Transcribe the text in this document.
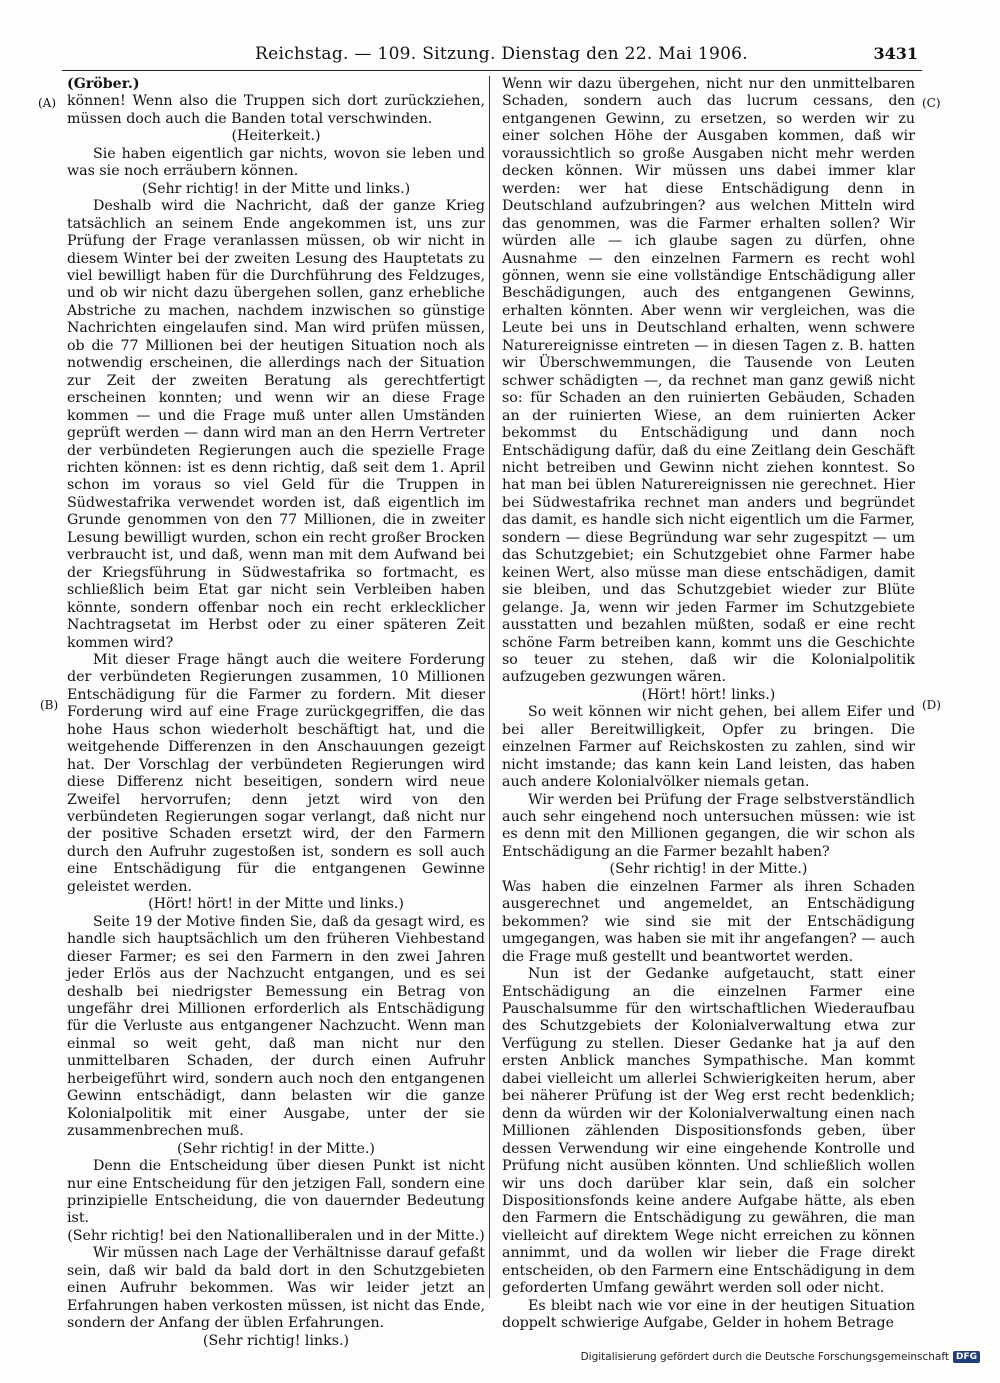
Reichstag. — 109. Sitzung. Dienstag den 22. Mai 1906.	3431
(A)
(B)
(C)
(D)

(Gröber.)

können! Wenn also die Truppen sich dort zurückziehen, müssen doch auch die Banden total verschwinden.

(Heiterkeit.)

Sie haben eigentlich gar nichts, wovon sie leben und was sie noch erräubern können.

(Sehr richtig! in der Mitte und links.)

Deshalb wird die Nachricht, daß der ganze Krieg tatsächlich an seinem Ende angekommen ist, uns zur Prüfung der Frage veranlassen müssen, ob wir nicht in diesem Winter bei der zweiten Lesung des Hauptetats zu viel bewilligt haben für die Durchführung des Feldzuges, und ob wir nicht dazu übergehen sollen, ganz erhebliche Abstriche zu machen, nachdem inzwischen so günstige Nachrichten eingelaufen sind. Man wird prüfen müssen, ob die 77 Millionen bei der heutigen Situation noch als notwendig erscheinen, die allerdings nach der Situation zur Zeit der zweiten Beratung als gerechtfertigt erscheinen konnten; und wenn wir an diese Frage kommen — und die Frage muß unter allen Umständen geprüft werden — dann wird man an den Herrn Vertreter der verbündeten Regierungen auch die spezielle Frage richten können: ist es denn richtig, daß seit dem 1. April schon im voraus so viel Geld für die Truppen in Südwestafrika verwendet worden ist, daß eigentlich im Grunde genommen von den 77 Millionen, die in zweiter Lesung bewilligt wurden, schon ein recht großer Brocken verbraucht ist, und daß, wenn man mit dem Aufwand bei der Kriegsführung in Südwestafrika so fortmacht, es schließlich beim Etat gar nicht sein Verbleiben haben könnte, sondern offenbar noch ein recht erklecklicher Nachtragsetat im Herbst oder zu einer späteren Zeit kommen wird?

Mit dieser Frage hängt auch die weitere Forderung der verbündeten Regierungen zusammen, 10 Millionen Entschädigung für die Farmer zu fordern. Mit dieser Forderung wird auf eine Frage zurückgegriffen, die das hohe Haus schon wiederholt beschäftigt hat, und die weitgehende Differenzen in den Anschauungen gezeigt hat. Der Vorschlag der verbündeten Regierungen wird diese Differenz nicht beseitigen, sondern wird neue Zweifel hervorrufen; denn jetzt wird von den verbündeten Regierungen sogar verlangt, daß nicht nur der positive Schaden ersetzt wird, der den Farmern durch den Aufruhr zugestoßen ist, sondern es soll auch eine Entschädigung für die entgangenen Gewinne geleistet werden.

(Hört! hört! in der Mitte und links.)

Seite 19 der Motive finden Sie, daß da gesagt wird, es handle sich hauptsächlich um den früheren Viehbestand dieser Farmer; es sei den Farmern in den zwei Jahren jeder Erlös aus der Nachzucht entgangen, und es sei deshalb bei niedrigster Bemessung ein Betrag von ungefähr drei Millionen erforderlich als Entschädigung für die Verluste aus entgangener Nachzucht. Wenn man einmal so weit geht, daß man nicht nur den unmittelbaren Schaden, der durch einen Aufruhr herbeigeführt wird, sondern auch noch den entgangenen Gewinn entschädigt, dann belasten wir die ganze Kolonialpolitik mit einer Ausgabe, unter der sie zusammenbrechen muß.

(Sehr richtig! in der Mitte.)

Denn die Entscheidung über diesen Punkt ist nicht nur eine Entscheidung für den jetzigen Fall, sondern eine prinzipielle Entscheidung, die von dauernder Bedeutung ist.

(Sehr richtig! bei den Nationalliberalen und in der Mitte.)

Wir müssen nach Lage der Verhältnisse darauf gefaßt sein, daß wir bald da bald dort in den Schutzgebieten einen Aufruhr bekommen. Was wir leider jetzt an Erfahrungen haben verkosten müssen, ist nicht das Ende, sondern der Anfang der üblen Erfahrungen.

(Sehr richtig! links.)

Wenn wir dazu übergehen, nicht nur den unmittelbaren Schaden, sondern auch das lucrum cessans, den entgangenen Gewinn, zu ersetzen, so werden wir zu einer solchen Höhe der Ausgaben kommen, daß wir voraussichtlich so große Ausgaben nicht mehr werden decken können. Wir müssen uns dabei immer klar werden: wer hat diese Entschädigung denn in Deutschland aufzubringen? aus welchen Mitteln wird das genommen, was die Farmer erhalten sollen? Wir würden alle — ich glaube sagen zu dürfen, ohne Ausnahme — den einzelnen Farmern es recht wohl gönnen, wenn sie eine vollständige Entschädigung aller Beschädigungen, auch des entgangenen Gewinns, erhalten könnten. Aber wenn wir vergleichen, was die Leute bei uns in Deutschland erhalten, wenn schwere Naturereignisse eintreten — in diesen Tagen z. B. hatten wir Überschwemmungen, die Tausende von Leuten schwer schädigten —, da rechnet man ganz gewiß nicht so: für Schaden an den ruinierten Gebäuden, Schaden an der ruinierten Wiese, an dem ruinierten Acker bekommst du Entschädigung und dann noch Entschädigung dafür, daß du eine Zeitlang dein Geschäft nicht betreiben und Gewinn nicht ziehen konntest. So hat man bei üblen Naturereignissen nie gerechnet. Hier bei Südwestafrika rechnet man anders und begründet das damit, es handle sich nicht eigentlich um die Farmer, sondern — diese Begründung war sehr zugespitzt — um das Schutzgebiet; ein Schutzgebiet ohne Farmer habe keinen Wert, also müsse man diese entschädigen, damit sie bleiben, und das Schutzgebiet wieder zur Blüte gelange. Ja, wenn wir jeden Farmer im Schutzgebiete ausstatten und bezahlen müßten, sodaß er eine recht schöne Farm betreiben kann, kommt uns die Geschichte so teuer zu stehen, daß wir die Kolonialpolitik aufzugeben gezwungen wären.

(Hört! hört! links.)

So weit können wir nicht gehen, bei allem Eifer und bei aller Bereitwilligkeit, Opfer zu bringen. Die einzelnen Farmer auf Reichskosten zu zahlen, sind wir nicht imstande; das kann kein Land leisten, das haben auch andere Kolonialvölker niemals getan.

Wir werden bei Prüfung der Frage selbstverständlich auch sehr eingehend noch untersuchen müssen: wie ist es denn mit den Millionen gegangen, die wir schon als Entschädigung an die Farmer bezahlt haben?

(Sehr richtig! in der Mitte.)

Was haben die einzelnen Farmer als ihren Schaden ausgerechnet und angemeldet, an Entschädigung bekommen? wie sind sie mit der Entschädigung umgegangen, was haben sie mit ihr angefangen? — auch die Frage muß gestellt und beantwortet werden.

Nun ist der Gedanke aufgetaucht, statt einer Entschädigung an die einzelnen Farmer eine Pauschalsumme für den wirtschaftlichen Wiederaufbau des Schutzgebiets der Kolonialverwaltung etwa zur Verfügung zu stellen. Dieser Gedanke hat ja auf den ersten Anblick manches Sympathische. Man kommt dabei vielleicht um allerlei Schwierigkeiten herum, aber bei näherer Prüfung ist der Weg erst recht bedenklich; denn da würden wir der Kolonialverwaltung einen nach Millionen zählenden Dispositionsfonds geben, über dessen Verwendung wir eine eingehende Kontrolle und Prüfung nicht ausüben könnten. Und schließlich wollen wir uns doch darüber klar sein, daß ein solcher Dispositionsfonds keine andere Aufgabe hätte, als eben den Farmern die Entschädigung zu gewähren, die man vielleicht auf direktem Wege nicht erreichen zu können annimmt, und da wollen wir lieber die Frage direkt entscheiden, ob den Farmern eine Entschädigung in dem geforderten Umfang gewährt werden soll oder nicht.

Es bleibt nach wie vor eine in der heutigen Situation doppelt schwierige Aufgabe, Gelder in hohem Betrage

Digitalisierung gefördert durch die Deutsche Forschungsgemeinschaft DFG
